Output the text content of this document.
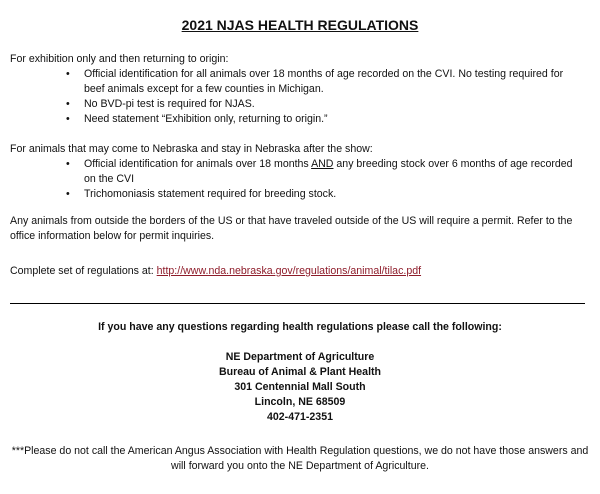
2021 NJAS HEALTH REGULATIONS

For exhibition only and then returning to origin:

• Official identification for all animals over 18 months of age recorded on the CVI. No testing required for beef animals except for a few counties in Michigan.
• No BVD-pi test is required for NJAS.
• Need statement “Exhibition only, returning to origin.”

For animals that may come to Nebraska and stay in Nebraska after the show:

• Official identification for animals over 18 months AND any breeding stock over 6 months of age recorded on the CVI
• Trichomoniasis statement required for breeding stock.
Any animals from outside the borders of the US or that have traveled outside of the US will require a permit. Refer to the office information below for permit inquiries.
Complete set of regulations at: http://www.nda.nebraska.gov/regulations/animal/tilac.pdf
If you have any questions regarding health regulations please call the following:
NE Department of Agriculture
Bureau of Animal & Plant Health
301 Centennial Mall South
Lincoln, NE 68509
402-471-2351
***Please do not call the American Angus Association with Health Regulation questions, we do not have those answers and will forward you onto the NE Department of Agriculture.
